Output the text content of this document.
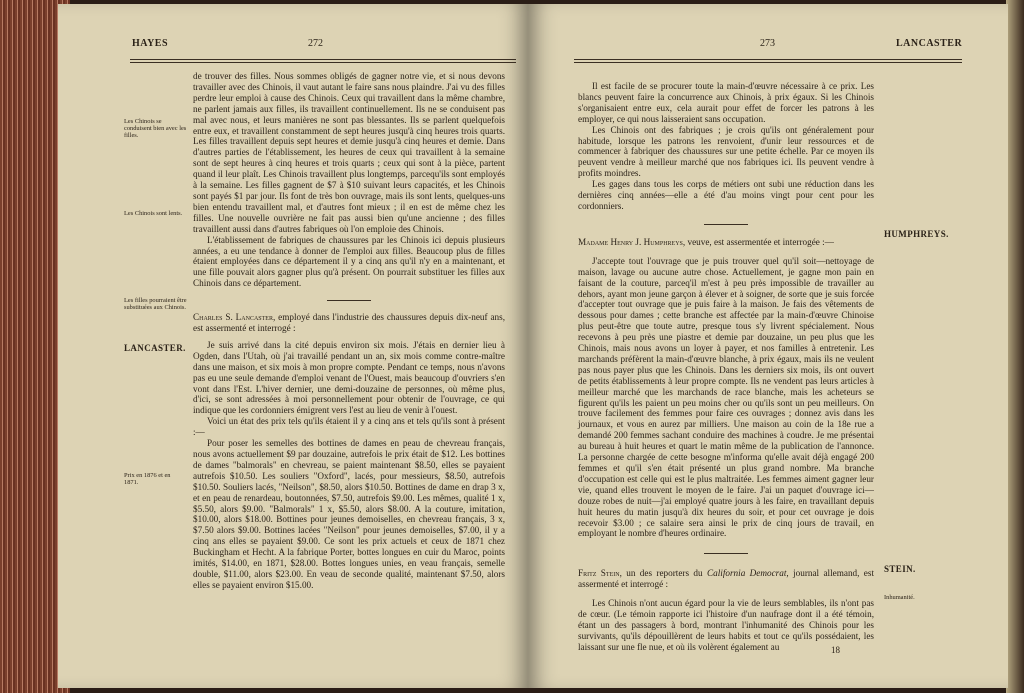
HAYES	272
Les Chinois se conduisent bien avec les filles.
Les Chinois sont lents.
Les filles pourraient être substituées aux Chinois.
Prix en 1876 et en 1871.
LANCASTER.

de trouver des filles. Nous sommes obligés de gagner notre vie, et si nous devons travailler avec des Chinois, il vaut autant le faire sans nous plaindre. J'ai vu des filles perdre leur emploi à cause des Chinois. Ceux qui travaillent dans la même chambre, ne parlent jamais aux filles, ils travaillent continuellement. Ils ne se conduisent pas mal avec nous, et leurs manières ne sont pas blessantes. Ils se parlent quelquefois entre eux, et travaillent constamment de sept heures jusqu'à cinq heures trois quarts. Les filles travaillent depuis sept heures et demie jusqu'à cinq heures et demie. Dans d'autres parties de l'établissement, les heures de ceux qui travaillent à la semaine sont de sept heures à cinq heures et trois quarts ; ceux qui sont à la pièce, partent quand il leur plaît. Les Chinois travaillent plus longtemps, parcequ'ils sont employés à la semaine. Les filles gagnent de $7 à $10 suivant leurs capacités, et les Chinois sont payés $1 par jour. Ils font de très bon ouvrage, mais ils sont lents, quelques-uns bien entendu travaillent mal, et d'autres font mieux ; il en est de même chez les filles. Une nouvelle ouvrière ne fait pas aussi bien qu'une ancienne ; des filles travaillent aussi dans d'autres fabriques où l'on emploie des Chinois.

L'établissement de fabriques de chaussures par les Chinois ici depuis plusieurs années, a eu une tendance à donner de l'emploi aux filles. Beaucoup plus de filles étaient employées dans ce département il y a cinq ans qu'il n'y en a maintenant, et une fille pouvait alors gagner plus qu'à présent. On pourrait substituer les filles aux Chinois dans ce département.

Charles S. Lancaster, employé dans l'industrie des chaussures depuis dix-neuf ans, est assermenté et interrogé :

Je suis arrivé dans la cité depuis environ six mois. J'étais en dernier lieu à Ogden, dans l'Utah, où j'ai travaillé pendant un an, six mois comme contre-maître dans une maison, et six mois à mon propre compte. Pendant ce temps, nous n'avons pas eu une seule demande d'emploi venant de l'Ouest, mais beaucoup d'ouvriers s'en vont dans l'Est. L'hiver dernier, une demi-douzaine de personnes, où même plus, d'ici, se sont adressées à moi personnellement pour obtenir de l'ouvrage, ce qui indique que les cordonniers émigrent vers l'est au lieu de venir à l'ouest.

Voici un état des prix tels qu'ils étaient il y a cinq ans et tels qu'ils sont à présent :—

Pour poser les semelles des bottines de dames en peau de chevreau français, nous avons actuellement $9 par douzaine, autrefois le prix était de $12. Les bottines de dames "balmorals" en chevreau, se paient maintenant $8.50, elles se payaient autrefois $10.50. Les souliers "Oxford", lacés, pour messieurs, $8.50, autrefois $10.50. Souliers lacés, "Neilson", $8.50, alors $10.50. Bottines de dame en drap 3 x, et en peau de renardeau, boutonnées, $7.50, autrefois $9.00. Les mêmes, qualité 1 x, $5.50, alors $9.00. "Balmorals" 1 x, $5.50, alors $8.00. A la couture, imitation, $10.00, alors $18.00. Bottines pour jeunes demoiselles, en chevreau français, 3 x, $7.50 alors $9.00. Bottines lacées "Neilson" pour jeunes demoiselles, $7.00, il y a cinq ans elles se payaient $9.00. Ce sont les prix actuels et ceux de 1871 chez Buckingham et Hecht. A la fabrique Porter, bottes longues en cuir du Maroc, points imités, $14.00, en 1871, $28.00. Bottes longues unies, en veau français, semelle double, $11.00, alors $23.00. En veau de seconde qualité, maintenant $7.50, alors elles se payaient environ $15.00.

273	LANCASTER
HUMPHREYS.
STEIN.
Inhumanité.

Il est facile de se procurer toute la main-d'œuvre nécessaire à ce prix. Les blancs peuvent faire la concurrence aux Chinois, à prix égaux. Si les Chinois s'organisaient entre eux, cela aurait pour effet de forcer les patrons à les employer, ce qui nous laisseraient sans occupation.

Les Chinois ont des fabriques ; je crois qu'ils ont généralement pour habitude, lorsque les patrons les renvoient, d'unir leur ressources et de commencer à fabriquer des chaussures sur une petite échelle. Par ce moyen ils peuvent vendre à meilleur marché que nos fabriques ici. Ils peuvent vendre à profits moindres.

Les gages dans tous les corps de métiers ont subi une réduction dans les dernières cinq années—elle a été d'au moins vingt pour cent pour les cordonniers.

Madame Henry J. Humphreys, veuve, est assermentée et interrogée :—

J'accepte tout l'ouvrage que je puis trouver quel qu'il soit—nettoyage de maison, lavage ou aucune autre chose. Actuellement, je gagne mon pain en faisant de la couture, parceq'il m'est à peu près impossible de travailler au dehors, ayant mon jeune garçon à élever et à soigner, de sorte que je suis forcée d'accepter tout ouvrage que je puis faire à la maison. Je fais des vêtements de dessous pour dames ; cette branche est affectée par la main-d'œuvre Chinoise plus peut-être que toute autre, presque tous s'y livrent spécialement. Nous recevons à peu près une piastre et demie par douzaine, un peu plus que les Chinois, mais nous avons un loyer à payer, et nos familles à entretenir. Les marchands préfèrent la main-d'œuvre blanche, à prix égaux, mais ils ne veulent pas nous payer plus que les Chinois. Dans les derniers six mois, ils ont ouvert de petits établissements à leur propre compte. Ils ne vendent pas leurs articles à meilleur marché que les marchands de race blanche, mais les acheteurs se figurent qu'ils les paient un peu moins cher ou qu'ils sont un peu meilleurs. On trouve facilement des femmes pour faire ces ouvrages ; donnez avis dans les journaux, et vous en aurez par milliers. Une maison au coin de la 18e rue a demandé 200 femmes sachant conduire des machines à coudre. Je me présentai au bureau à huit heures et quart le matin même de la publication de l'annonce. La personne chargée de cette besogne m'informa qu'elle avait déjà engagé 200 femmes et qu'il s'en était présenté un plus grand nombre. Ma branche d'occupation est celle qui est le plus maltraitée. Les femmes aiment gagner leur vie, quand elles trouvent le moyen de le faire. J'ai un paquet d'ouvrage ici—douze robes de nuit—j'ai employé quatre jours à les faire, en travaillant depuis huit heures du matin jusqu'à dix heures du soir, et pour cet ouvrage je dois recevoir $3.00 ; ce salaire sera ainsi le prix de cinq jours de travail, en employant le nombre d'heures ordinaire.

Fritz Stein, un des reporters du California Democrat, journal allemand, est assermenté et interrogé :

Les Chinois n'ont aucun égard pour la vie de leurs semblables, ils n'ont pas de cœur. (Le témoin rapporte ici l'histoire d'un naufrage dont il a été témoin, étant un des passagers à bord, montrant l'inhumanité des Chinois pour les survivants, qu'ils dépouillèrent de leurs habits et tout ce qu'ils possédaient, les laissant sur une fle nue, et où ils volèrent également au	18
